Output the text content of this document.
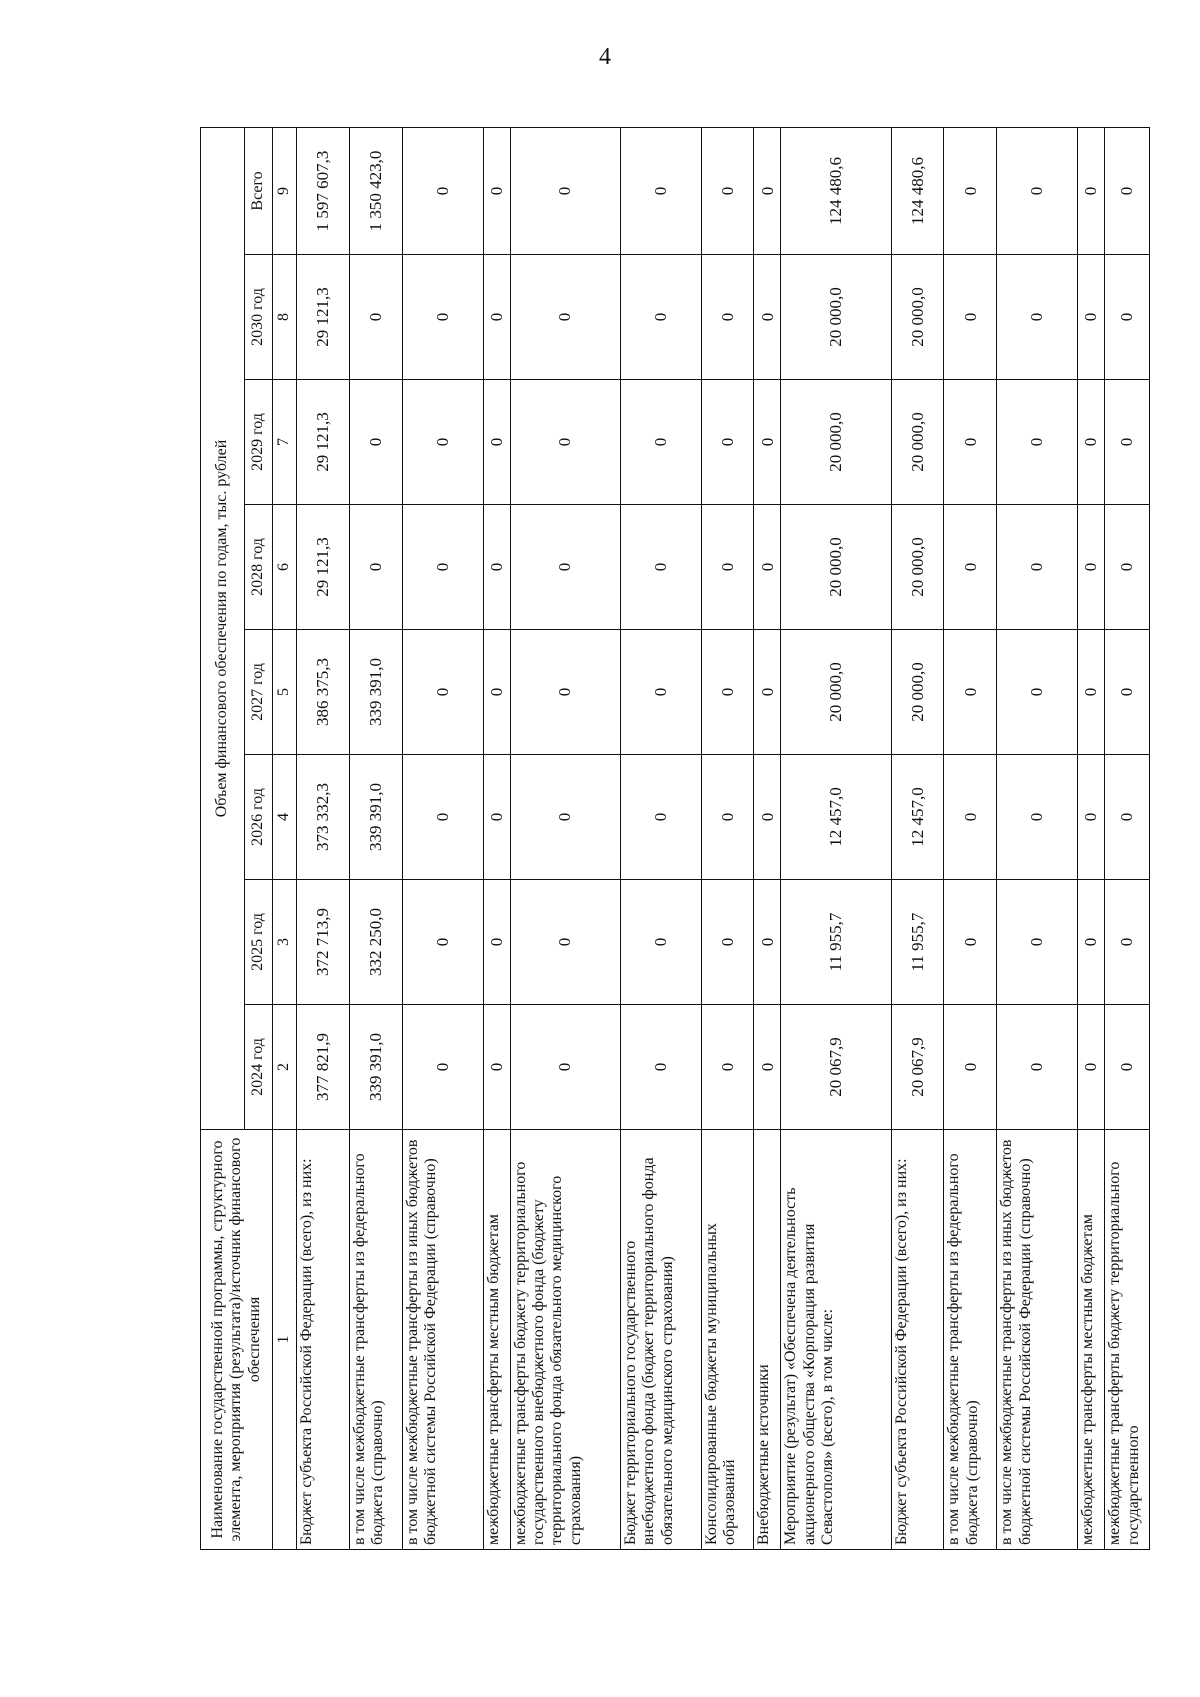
4
Наименование государственной программы, структурного элемента, мероприятия (результата)/источник финансового обеспечения	Объем финансового обеспечения по годам, тыс. рублей							
	2024 год	2025 год	2026 год	2027 год	2028 год	2029 год	2030 год	Всего
1	2	3	4	5	6	7	8	9
Бюджет субъекта Российской Федерации (всего), из них:	377 821,9	372 713,9	373 332,3	386 375,3	29 121,3	29 121,3	29 121,3	1 597 607,3
в том числе межбюджетные трансферты из федерального бюджета (справочно)	339 391,0	332 250,0	339 391,0	339 391,0	0	0	0	1 350 423,0
в том числе межбюджетные трансферты из иных бюджетов бюджетной системы Российской Федерации (справочно)	0	0	0	0	0	0	0	0
межбюджетные трансферты местным бюджетам	0	0	0	0	0	0	0	0
межбюджетные трансферты бюджету территориального государственного внебюджетного фонда (бюджету территориального фонда обязательного медицинского страхования)	0	0	0	0	0	0	0	0
Бюджет территориального государственного внебюджетного фонда (бюджет территориального фонда обязательного медицинского страхования)	0	0	0	0	0	0	0	0
Консолидированные бюджеты муниципальных образований	0	0	0	0	0	0	0	0
Внебюджетные источники	0	0	0	0	0	0	0	0
Мероприятие (результат) «Обеспечена деятельность акционерного общества «Корпорация развития Севастополя» (всего), в том числе:	20 067,9	11 955,7	12 457,0	20 000,0	20 000,0	20 000,0	20 000,0	124 480,6
Бюджет субъекта Российской Федерации (всего), из них:	20 067,9	11 955,7	12 457,0	20 000,0	20 000,0	20 000,0	20 000,0	124 480,6
в том числе межбюджетные трансферты из федерального бюджета (справочно)	0	0	0	0	0	0	0	0
в том числе межбюджетные трансферты из иных бюджетов бюджетной системы Российской Федерации (справочно)	0	0	0	0	0	0	0	0
межбюджетные трансферты местным бюджетам	0	0	0	0	0	0	0	0
межбюджетные трансферты бюджету территориального государственного	0	0	0	0	0	0	0	0
